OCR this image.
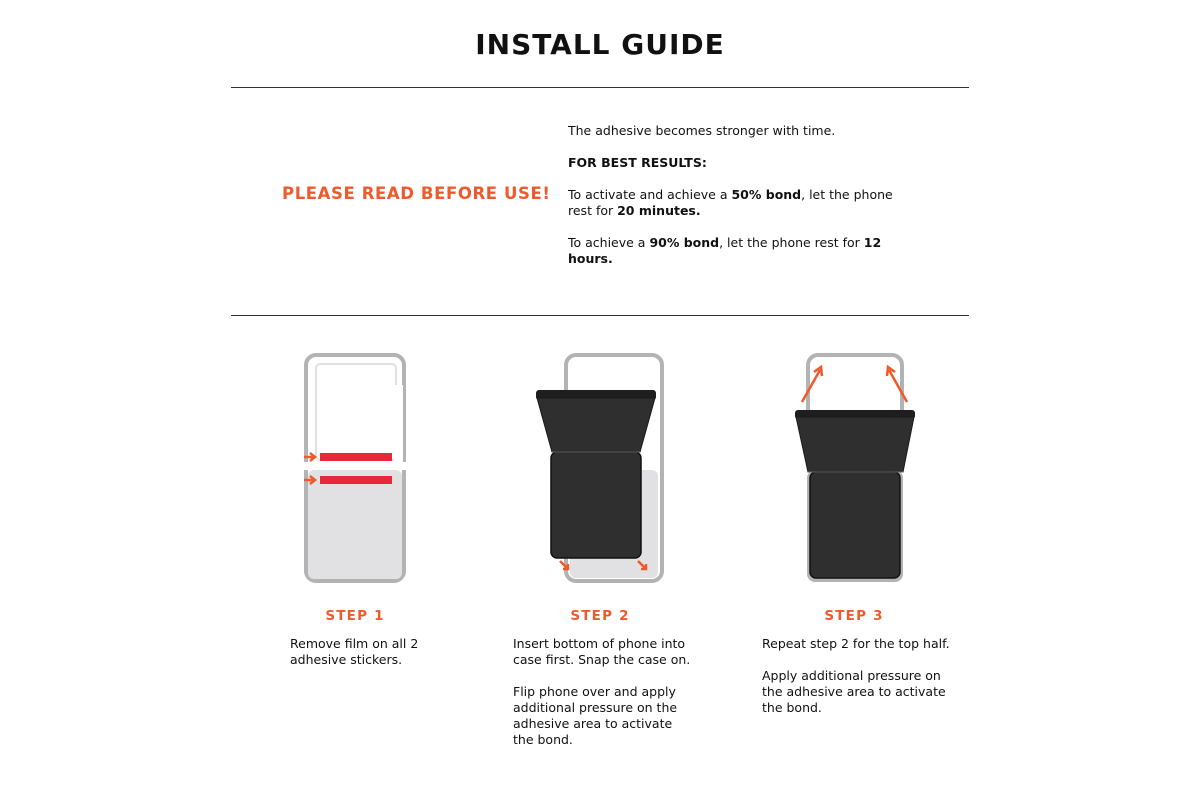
INSTALL GUIDE
PLEASE READ BEFORE USE!

The adhesive becomes stronger with time.

FOR BEST RESULTS:

To activate and achieve a 50% bond, let the phone
rest for 20 minutes.

To achieve a 90% bond, let the phone rest for 12 hours.

STEP 1

Remove film on all 2
adhesive stickers.

STEP 2

Insert bottom of phone into
case first. Snap the case on.

Flip phone over and apply
additional pressure on the
adhesive area to activate
the bond.

STEP 3

Repeat step 2 for the top half.

Apply additional pressure on
the adhesive area to activate
the bond.
